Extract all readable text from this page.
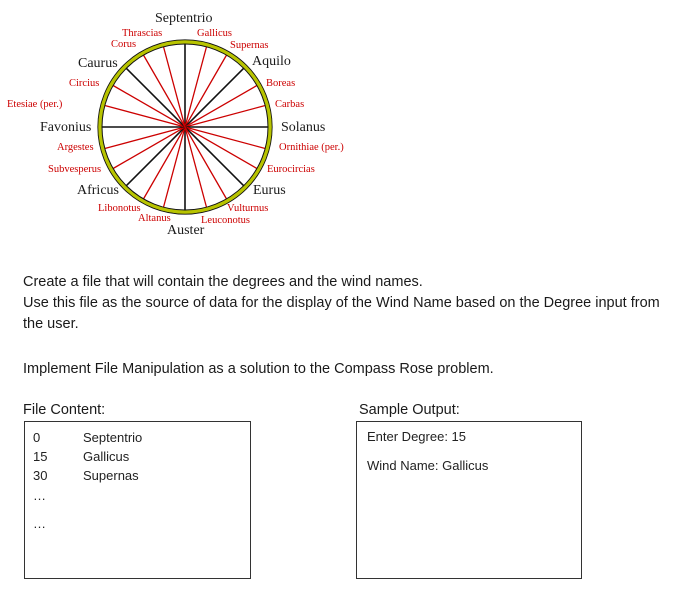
Septentrio
Gallicus
Supernas
Aquilo
Boreas
Carbas
Solanus
Ornithiae (per.)
Eurocircias
Eurus
Vulturnus
Leuconotus
Auster
Altanus
Libonotus
Africus
Subvesperus
Argestes
Favonius
Etesiae (per.)
Circius
Caurus
Corus
Thrascias
Create a file that will contain the degrees and the wind names.
Use this file as the source of data for the display of the Wind Name based on the Degree input from
the user.
Implement File Manipulation as a solution to the Compass Rose problem.
File Content:
0	Septentrio
15	Gallicus
30	Supernas
…
…
Sample Output:
Enter Degree: 15
Wind Name: Gallicus
